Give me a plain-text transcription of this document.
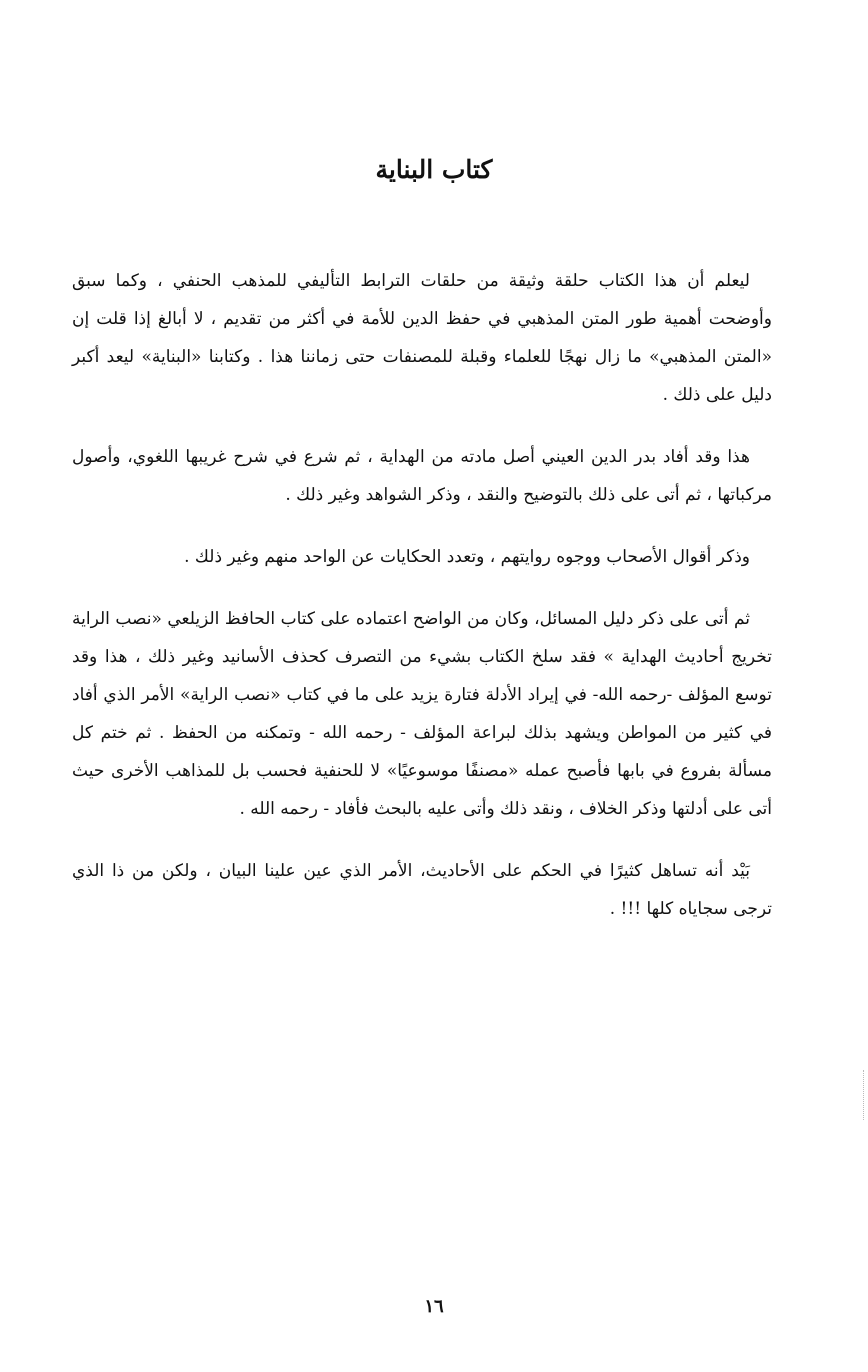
كتاب البناية

ليعلم أن هذا الكتاب حلقة وثيقة من حلقات الترابط التأليفي للمذهب الحنفي ، وكما سبق وأوضحت أهمية طور المتن المذهبي في حفظ الدين للأمة في أكثر من تقديم ، لا أبالغ إذا قلت إن «المتن المذهبي» ما زال نهجًا للعلماء وقبلة للمصنفات حتى زماننا هذا . وكتابنا «البناية» ليعد أكبر دليل على ذلك .

هذا وقد أفاد بدر الدين العيني أصل مادته من الهداية ، ثم شرع في شرح غريبها اللغوي، وأصول مركباتها ، ثم أتى على ذلك بالتوضيح والنقد ، وذكر الشواهد وغير ذلك .

وذكر أقوال الأصحاب ووجوه روايتهم ، وتعدد الحكايات عن الواحد منهم وغير ذلك .

ثم أتى على ذكر دليل المسائل، وكان من الواضح اعتماده على كتاب الحافظ الزيلعي «نصب الراية تخريج أحاديث الهداية » فقد سلخ الكتاب بشيء من التصرف كحذف الأسانيد وغير ذلك ، هذا وقد توسع المؤلف -رحمه الله- في إيراد الأدلة فتارة يزيد على ما في كتاب «نصب الراية» الأمر الذي أفاد في كثير من المواطن ويشهد بذلك لبراعة المؤلف - رحمه الله - وتمكنه من الحفظ . ثم ختم كل مسألة بفروع في بابها فأصبح عمله «مصنفًا موسوعيًا» لا للحنفية فحسب بل للمذاهب الأخرى حيث أتى على أدلتها وذكر الخلاف ، ونقد ذلك وأتى عليه بالبحث فأفاد - رحمه الله .

بَيْد أنه تساهل كثيرًا في الحكم على الأحاديث، الأمر الذي عين علينا البيان ، ولكن من ذا الذي ترجى سجاياه كلها !!! .

١٦
